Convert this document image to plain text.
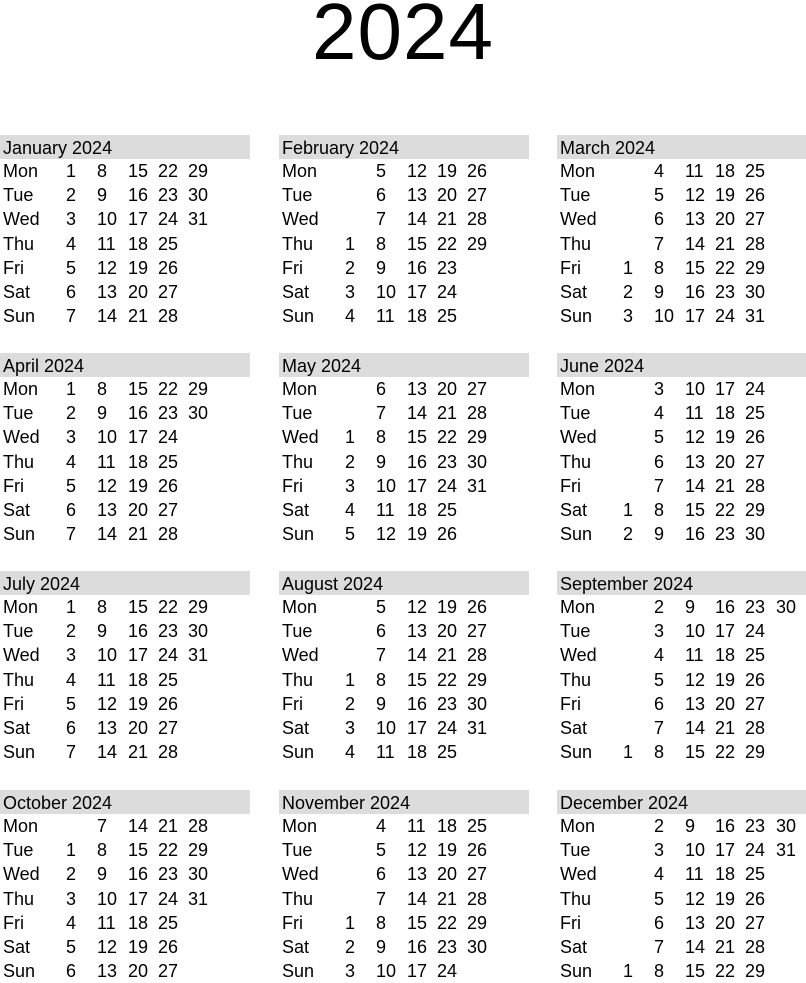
2024
January 2024
Mon 1 8 15 22 29
Tue 2 9 16 23 30
Wed 3 10 17 24 31
Thu 4 11 18 25
Fri 5 12 19 26
Sat 6 13 20 27
Sun 7 14 21 28
February 2024
Mon	5 12 19 26
Tue	6 13 20 27
Wed	7 14 21 28
Thu 1 8 15 22 29
Fri 2 9 16 23
Sat 3 10 17 24
Sun 4 11 18 25
March 2024
Mon	4 11 18 25
Tue	5 12 19 26
Wed	6 13 20 27
Thu	7 14 21 28
Fri 1 8 15 22 29
Sat 2 9 16 23 30
Sun 3 10 17 24 31
April 2024
Mon 1 8 15 22 29
Tue 2 9 16 23 30
Wed 3 10 17 24
Thu 4 11 18 25
Fri 5 12 19 26
Sat 6 13 20 27
Sun 7 14 21 28
May 2024
Mon	6 13 20 27
Tue	7 14 21 28
Wed 1 8 15 22 29
Thu 2 9 16 23 30
Fri 3 10 17 24 31
Sat 4 11 18 25
Sun 5 12 19 26
June 2024
Mon	3 10 17 24
Tue	4 11 18 25
Wed	5 12 19 26
Thu	6 13 20 27
Fri	7 14 21 28
Sat 1 8 15 22 29
Sun 2 9 16 23 30
July 2024
Mon 1 8 15 22 29
Tue 2 9 16 23 30
Wed 3 10 17 24 31
Thu 4 11 18 25
Fri 5 12 19 26
Sat 6 13 20 27
Sun 7 14 21 28
August 2024
Mon	5 12 19 26
Tue	6 13 20 27
Wed	7 14 21 28
Thu 1 8 15 22 29
Fri 2 9 16 23 30
Sat 3 10 17 24 31
Sun 4 11 18 25
September 2024
Mon	2 9 16 23 30
Tue	3 10 17 24
Wed	4 11 18 25
Thu	5 12 19 26
Fri	6 13 20 27
Sat	7 14 21 28
Sun 1 8 15 22 29
October 2024
Mon	7 14 21 28
Tue 1 8 15 22 29
Wed 2 9 16 23 30
Thu 3 10 17 24 31
Fri 4 11 18 25
Sat 5 12 19 26
Sun 6 13 20 27
November 2024
Mon	4 11 18 25
Tue	5 12 19 26
Wed	6 13 20 27
Thu	7 14 21 28
Fri 1 8 15 22 29
Sat 2 9 16 23 30
Sun 3 10 17 24
December 2024
Mon	2 9 16 23 30
Tue	3 10 17 24 31
Wed	4 11 18 25
Thu	5 12 19 26
Fri	6 13 20 27
Sat	7 14 21 28
Sun 1 8 15 22 29
